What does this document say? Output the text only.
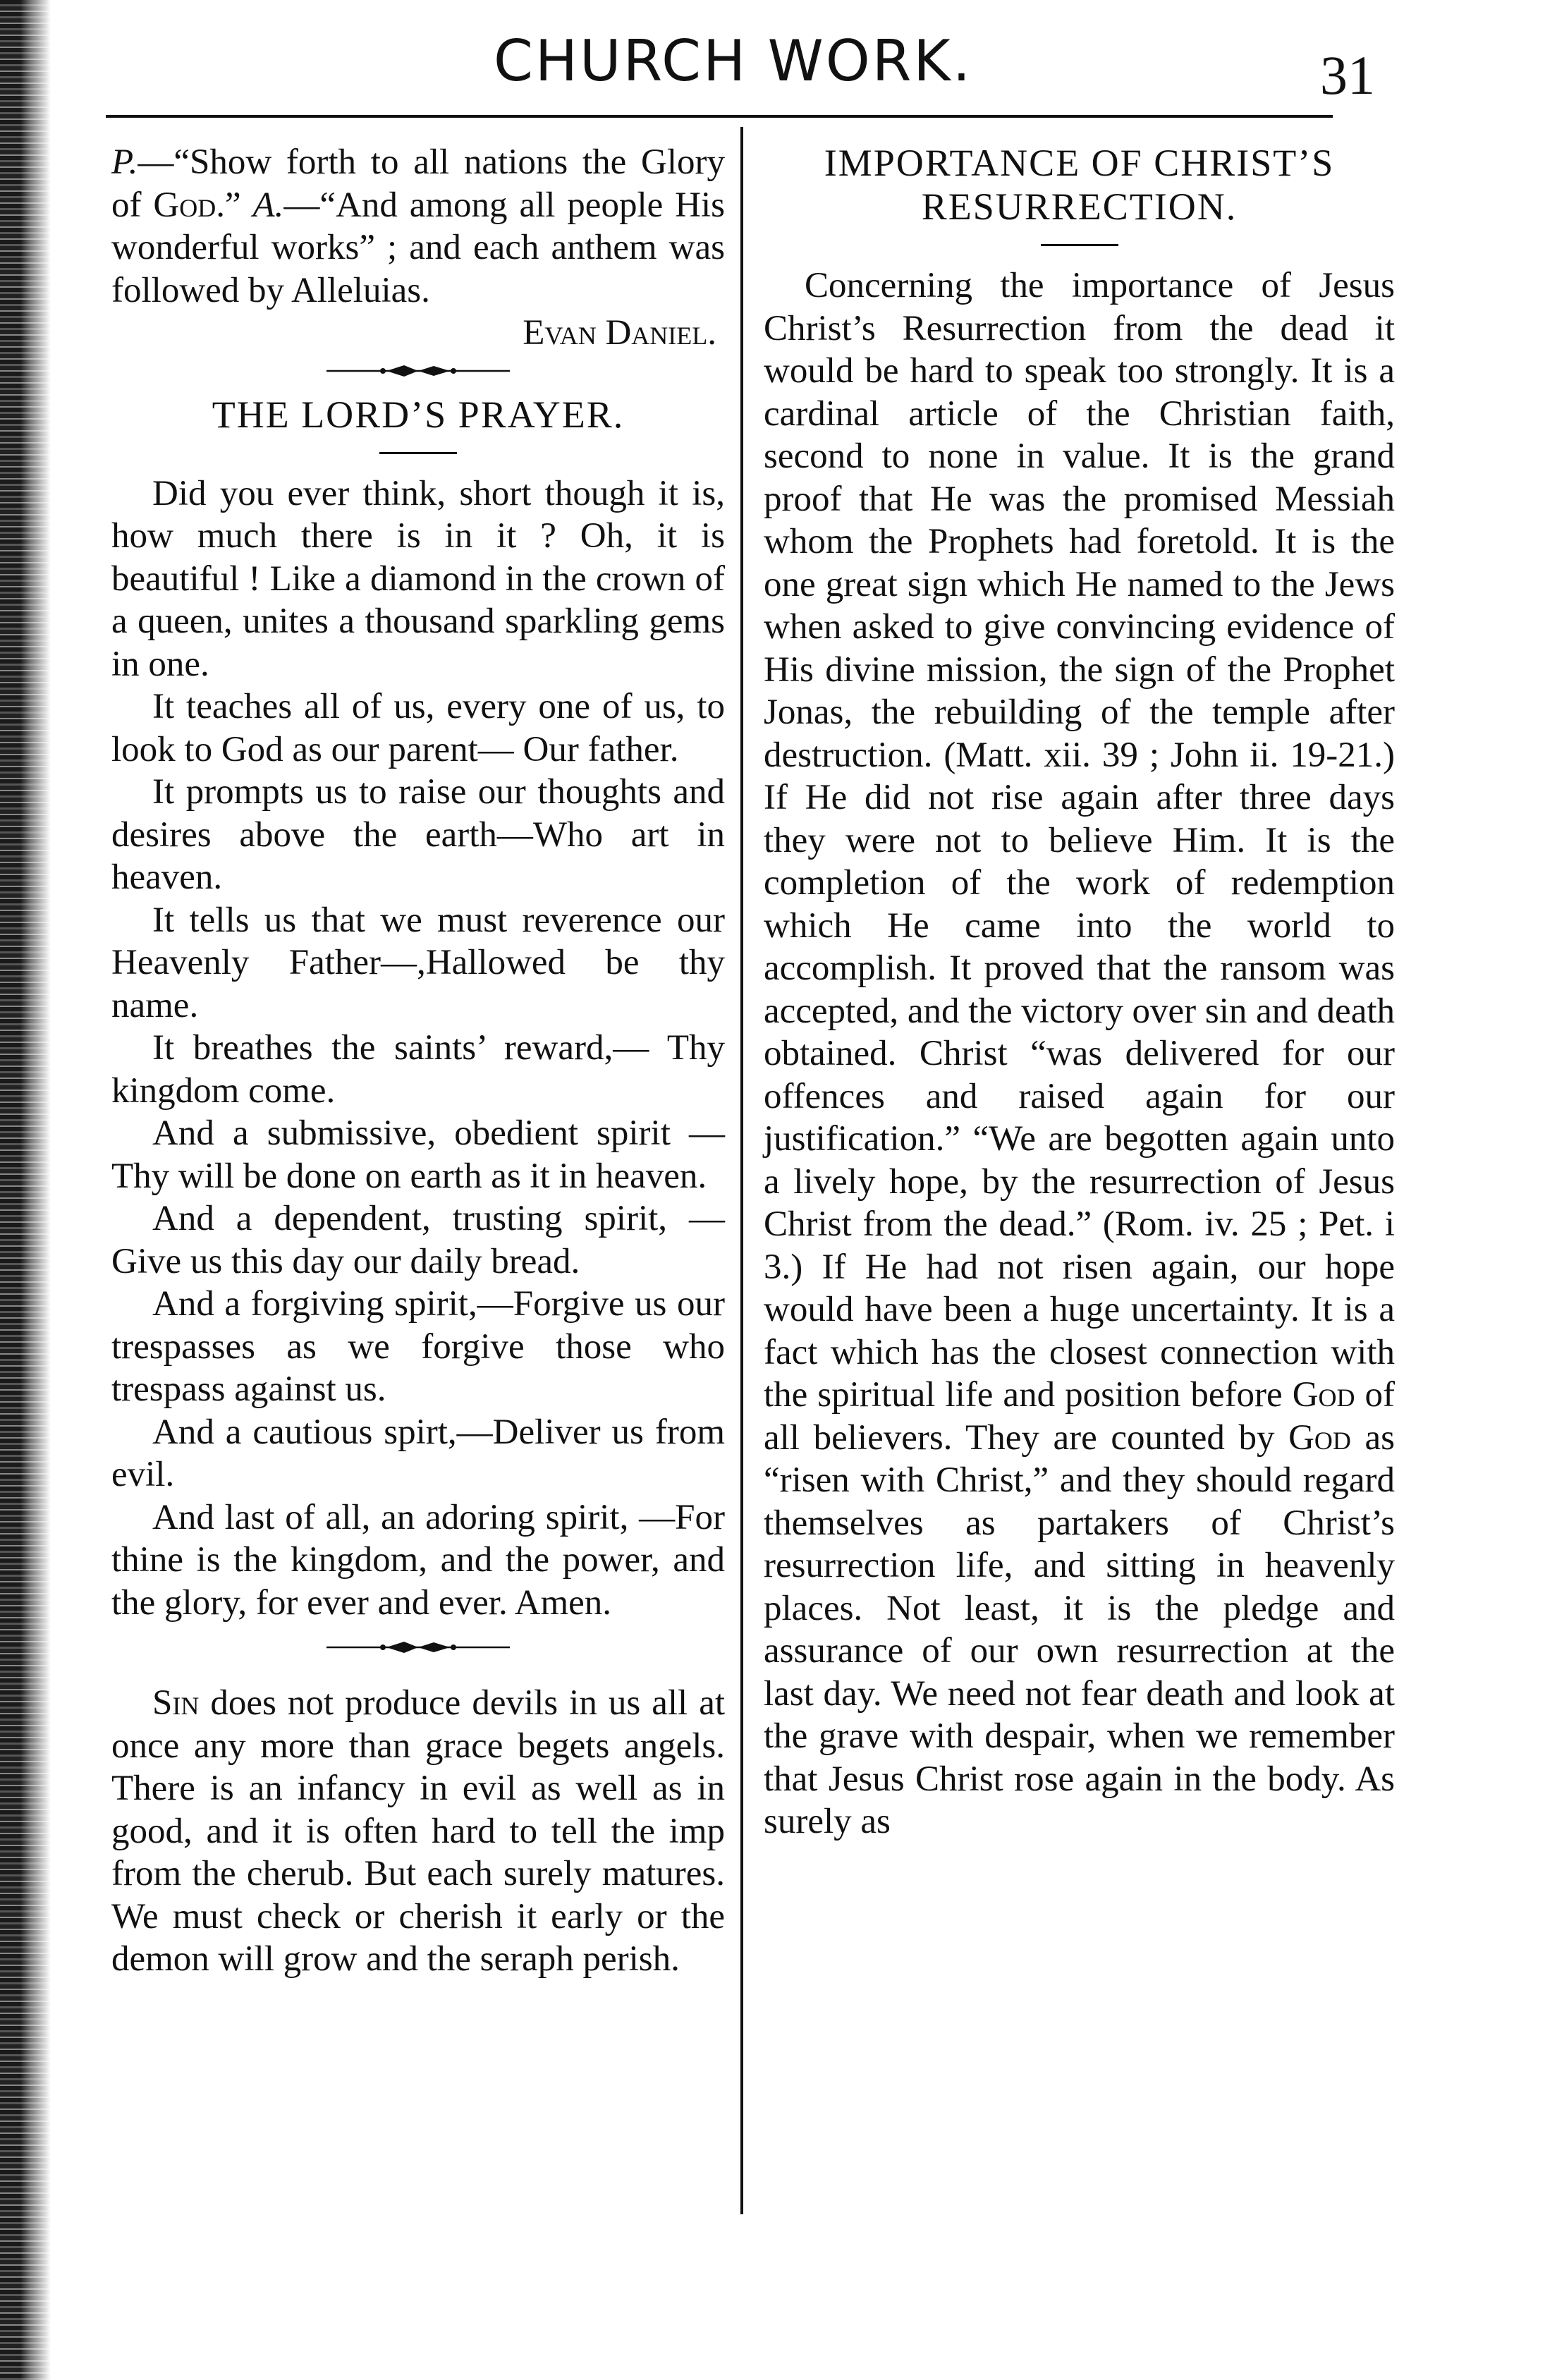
CHURCH WORK.	31

P.—“Show forth to all nations the Glory of God.” A.—“And among all people His wonderful works” ; and each anthem was followed by Alleluias.

Evan Daniel.

THE LORD’S PRAYER.

Did you ever think, short though it is, how much there is in it ? Oh, it is beautiful ! Like a diamond in the crown of a queen, unites a thousand sparkling gems in one.

It teaches all of us, every one of us, to look to God as our parent— Our father.

It prompts us to raise our thoughts and desires above the earth—Who art in heaven.

It tells us that we must reverence our Heavenly Father—,Hallowed be thy name.

It breathes the saints’ reward,— Thy kingdom come.

And a submissive, obedient spirit —Thy will be done on earth as it in heaven.

And a dependent, trusting spirit, —Give us this day our daily bread.

And a forgiving spirit,—Forgive us our trespasses as we forgive those who trespass against us.

And a cautious spirt,—Deliver us from evil.

And last of all, an adoring spirit, —For thine is the kingdom, and the power, and the glory, for ever and ever. Amen.

Sin does not produce devils in us all at once any more than grace begets angels. There is an infancy in evil as well as in good, and it is often hard to tell the imp from the cherub. But each surely matures. We must check or cherish it early or the demon will grow and the seraph perish.

IMPORTANCE OF CHRIST’S RESURRECTION.

Concerning the importance of Jesus Christ’s Resurrection from the dead it would be hard to speak too strongly. It is a cardinal article of the Christian faith, second to none in value. It is the grand proof that He was the promised Messiah whom the Prophets had foretold. It is the one great sign which He named to the Jews when asked to give convincing evidence of His divine mission, the sign of the Prophet Jonas, the rebuilding of the temple after destruction. (Matt. xii. 39 ; John ii. 19-21.) If He did not rise again after three days they were not to believe Him. It is the completion of the work of redemption which He came into the world to accomplish. It proved that the ransom was accepted, and the victory over sin and death obtained. Christ “was delivered for our offences and raised again for our justification.” “We are begotten again unto a lively hope, by the resurrection of Jesus Christ from the dead.” (Rom. iv. 25 ; Pet. i 3.) If He had not risen again, our hope would have been a huge uncertainty. It is a fact which has the closest connection with the spiritual life and position before God of all believers. They are counted by God as “risen with Christ,” and they should regard themselves as partakers of Christ’s resurrection life, and sitting in heavenly places. Not least, it is the pledge and assurance of our own resurrection at the last day. We need not fear death and look at the grave with despair, when we remember that Jesus Christ rose again in the body. As surely as
